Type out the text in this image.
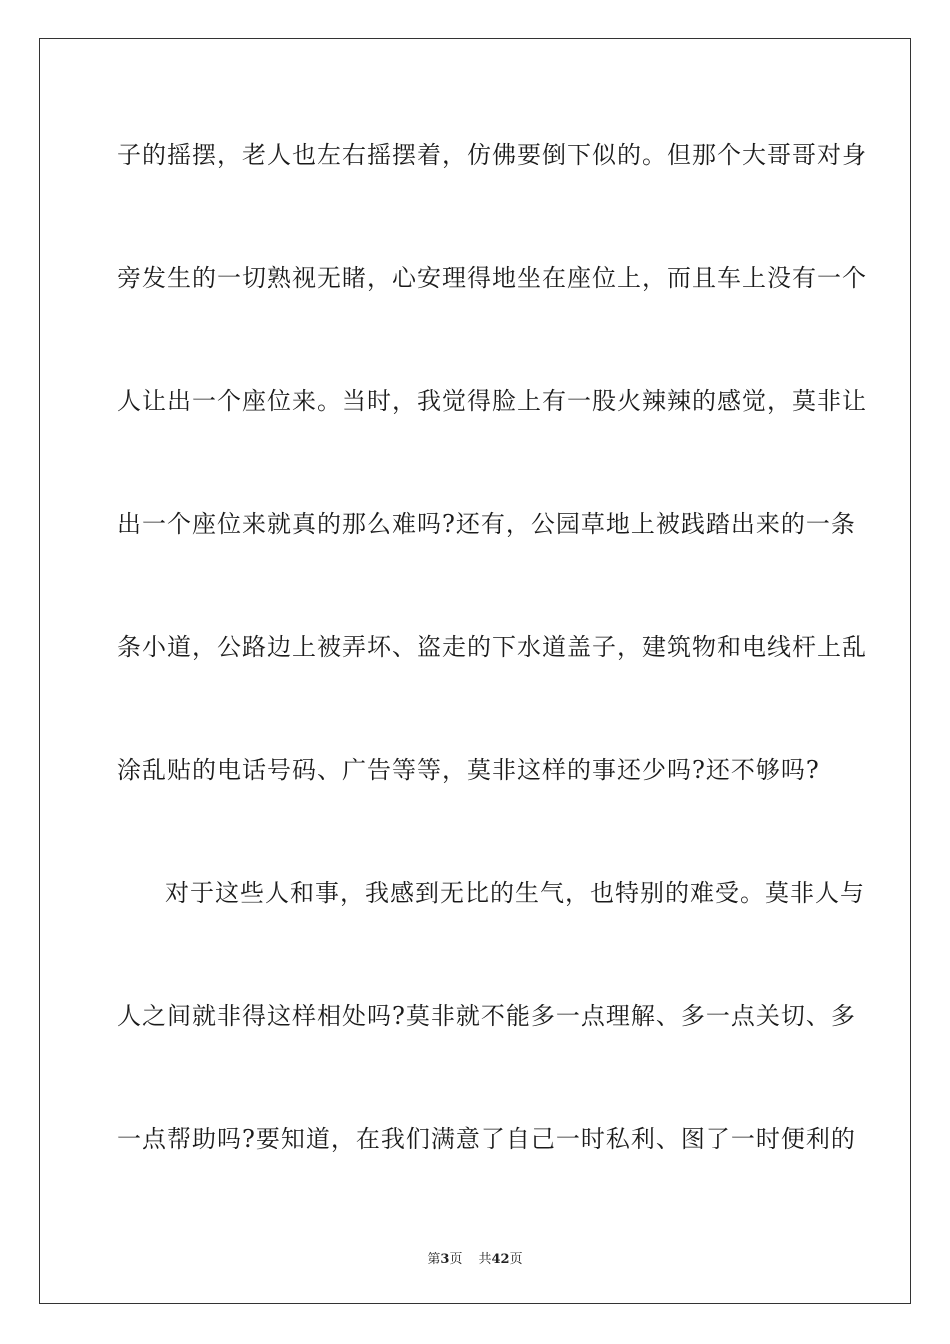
子的摇摆，老人也左右摇摆着，仿佛要倒下似的。但那个大哥哥对身
旁发生的一切熟视无睹，心安理得地坐在座位上，而且车上没有一个
人让出一个座位来。当时，我觉得脸上有一股火辣辣的感觉，莫非让
出一个座位来就真的那么难吗?还有，公园草地上被践踏出来的一条
条小道，公路边上被弄坏、盗走的下水道盖子，建筑物和电线杆上乱
涂乱贴的电话号码、广告等等，莫非这样的事还少吗?还不够吗?
对于这些人和事，我感到无比的生气，也特别的难受。莫非人与
人之间就非得这样相处吗?莫非就不能多一点理解、多一点关切、多
一点帮助吗?要知道，在我们满意了自己一时私利、图了一时便利的
第3页 共42页
